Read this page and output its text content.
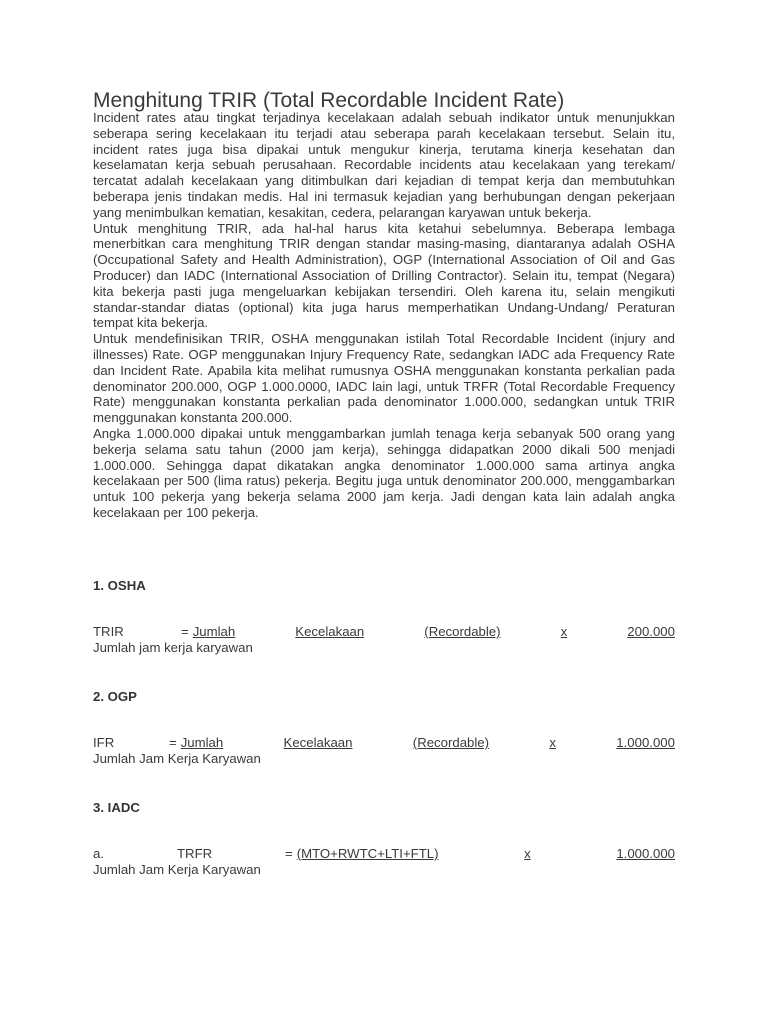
Menghitung TRIR (Total Recordable Incident Rate)

Incident rates atau tingkat terjadinya kecelakaan adalah sebuah indikator untuk menunjukkan seberapa sering kecelakaan itu terjadi atau seberapa parah kecelakaan tersebut. Selain itu, incident rates juga bisa dipakai untuk mengukur kinerja, terutama kinerja kesehatan dan keselamatan kerja sebuah perusahaan. Recordable incidents atau kecelakaan yang terekam/ tercatat adalah kecelakaan yang ditimbulkan dari kejadian di tempat kerja dan membutuhkan beberapa jenis tindakan medis. Hal ini termasuk kejadian yang berhubungan dengan pekerjaan yang menimbulkan kematian, kesakitan, cedera, pelarangan karyawan untuk bekerja.

Untuk menghitung TRIR, ada hal-hal harus kita ketahui sebelumnya. Beberapa lembaga menerbitkan cara menghitung TRIR dengan standar masing-masing, diantaranya adalah OSHA (Occupational Safety and Health Administration), OGP (International Association of Oil and Gas Producer) dan IADC (International Association of Drilling Contractor). Selain itu, tempat (Negara) kita bekerja pasti juga mengeluarkan kebijakan tersendiri. Oleh karena itu, selain mengikuti standar-standar diatas (optional) kita juga harus memperhatikan Undang-Undang/ Peraturan tempat kita bekerja.

Untuk mendefinisikan TRIR, OSHA menggunakan istilah Total Recordable Incident (injury and illnesses) Rate. OGP menggunakan Injury Frequency Rate, sedangkan IADC ada Frequency Rate dan Incident Rate. Apabila kita melihat rumusnya OSHA menggunakan konstanta perkalian pada denominator 200.000, OGP 1.000.0000, IADC lain lagi, untuk TRFR (Total Recordable Frequency Rate) menggunakan konstanta perkalian pada denominator 1.000.000, sedangkan untuk TRIR menggunakan konstanta 200.000.

Angka 1.000.000 dipakai untuk menggambarkan jumlah tenaga kerja sebanyak 500 orang yang bekerja selama satu tahun (2000 jam kerja), sehingga didapatkan 2000 dikali 500 menjadi 1.000.000. Sehingga dapat dikatakan angka denominator 1.000.000 sama artinya angka kecelakaan per 500 (lima ratus) pekerja. Begitu juga untuk denominator 200.000, menggambarkan untuk 100 pekerja yang bekerja selama 2000 jam kerja. Jadi dengan kata lain adalah angka kecelakaan per 100 pekerja.

1. OSHA
TRIR	= Jumlah	Kecelakaan	(Recordable)	x	200.000
Jumlah jam kerja karyawan
2. OGP
IFR	= Jumlah	Kecelakaan	(Recordable)	x	1.000.000
Jumlah Jam Kerja Karyawan
3. IADC
a.	TRFR	= (MTO+RWTC+LTI+FTL)	x	1.000.000
Jumlah Jam Kerja Karyawan
